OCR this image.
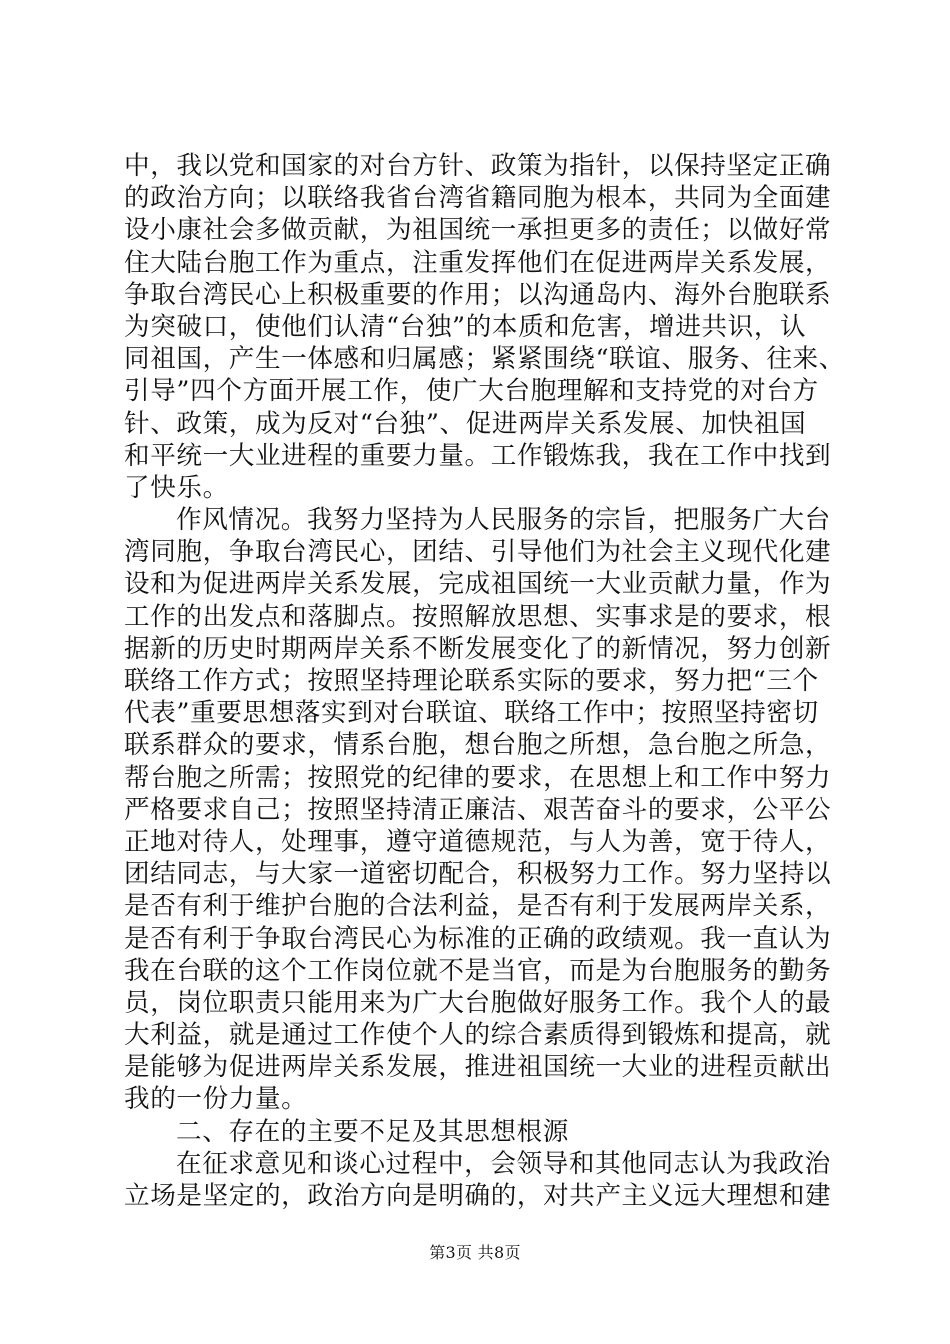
中，我以党和国家的对台方针、政策为指针，以保持坚定正确
的政治方向；以联络我省台湾省籍同胞为根本，共同为全面建
设小康社会多做贡献，为祖国统一承担更多的责任；以做好常
住大陆台胞工作为重点，注重发挥他们在促进两岸关系发展，
争取台湾民心上积极重要的作用；以沟通岛内、海外台胞联系
为突破口，使他们认清“台独”的本质和危害，增进共识，认
同祖国，产生一体感和归属感；紧紧围绕“联谊、服务、往来、
引导”四个方面开展工作，使广大台胞理解和支持党的对台方
针、政策，成为反对“台独”、促进两岸关系发展、加快祖国
和平统一大业进程的重要力量。工作锻炼我，我在工作中找到
了快乐。
作风情况。我努力坚持为人民服务的宗旨，把服务广大台
湾同胞，争取台湾民心，团结、引导他们为社会主义现代化建
设和为促进两岸关系发展，完成祖国统一大业贡献力量，作为
工作的出发点和落脚点。按照解放思想、实事求是的要求，根
据新的历史时期两岸关系不断发展变化了的新情况，努力创新
联络工作方式；按照坚持理论联系实际的要求，努力把“三个
代表”重要思想落实到对台联谊、联络工作中；按照坚持密切
联系群众的要求，情系台胞，想台胞之所想，急台胞之所急，
帮台胞之所需；按照党的纪律的要求，在思想上和工作中努力
严格要求自己；按照坚持清正廉洁、艰苦奋斗的要求，公平公
正地对待人，处理事，遵守道德规范，与人为善，宽于待人，
团结同志，与大家一道密切配合，积极努力工作。努力坚持以
是否有利于维护台胞的合法利益，是否有利于发展两岸关系，
是否有利于争取台湾民心为标准的正确的政绩观。我一直认为
我在台联的这个工作岗位就不是当官，而是为台胞服务的勤务
员，岗位职责只能用来为广大台胞做好服务工作。我个人的最
大利益，就是通过工作使个人的综合素质得到锻炼和提高，就
是能够为促进两岸关系发展，推进祖国统一大业的进程贡献出
我的一份力量。
二、存在的主要不足及其思想根源
在征求意见和谈心过程中，会领导和其他同志认为我政治
立场是坚定的，政治方向是明确的，对共产主义远大理想和建
第3页 共8页
